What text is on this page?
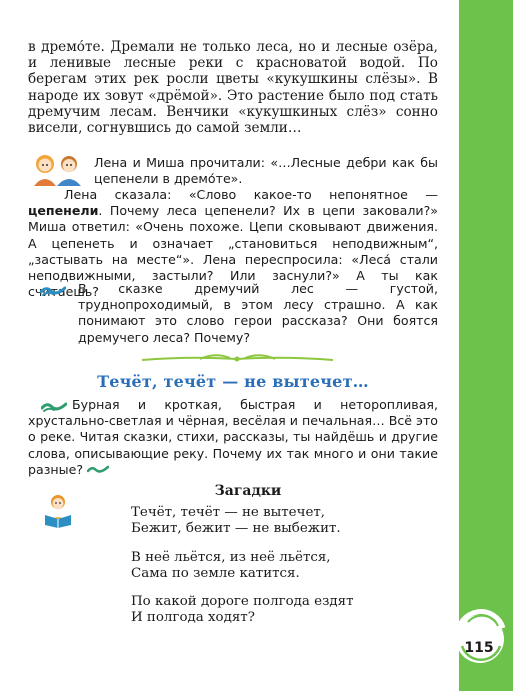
в дремо́те. Дремали не только леса, но и лесные озёра, и ленивые лесные реки с красноватой водой. По берегам этих рек росли цветы «кукушкины слёзы». В народе их зовут «дрёмой». Это растение было под стать дремучим лесам. Венчики «кукушкиных слёз» сонно висели, согнувшись до самой земли…

Лена и Миша прочитали: «…Лесные дебри как бы цепенели в дремо́те».

Лена сказала: «Слово какое-то непонятное — цепенели. Почему леса цепенели? Их в цепи заковали?» Миша ответил: «Очень похоже. Цепи сковывают движения. А цепенеть и означает „становиться неподвижным“, „застывать на месте“». Лена переспросила: «Леса́ стали неподвижными, застыли? Или заснули?» А ты как считаешь?

В сказке дремучий лес — густой, труднопроходимый, в этом лесу страшно. А как понимают это слово герои рассказа? Они боятся дремучего леса? Почему?

Течёт, течёт — не вытечет…

Бурная и кроткая, быстрая и неторопливая, хрустально-светлая и чёрная, весёлая и печальная… Всё это о реке. Читая сказки, стихи, рассказы, ты найдёшь и другие слова, описывающие реку. Почему их так много и они такие разные?

Загадки
Течёт, течёт — не вытечет,
Бежит, бежит — не выбежит.
В неё льётся, из неё льётся,
Сама по земле катится.
По какой дороге полгода ездят
И полгода ходят?
115
